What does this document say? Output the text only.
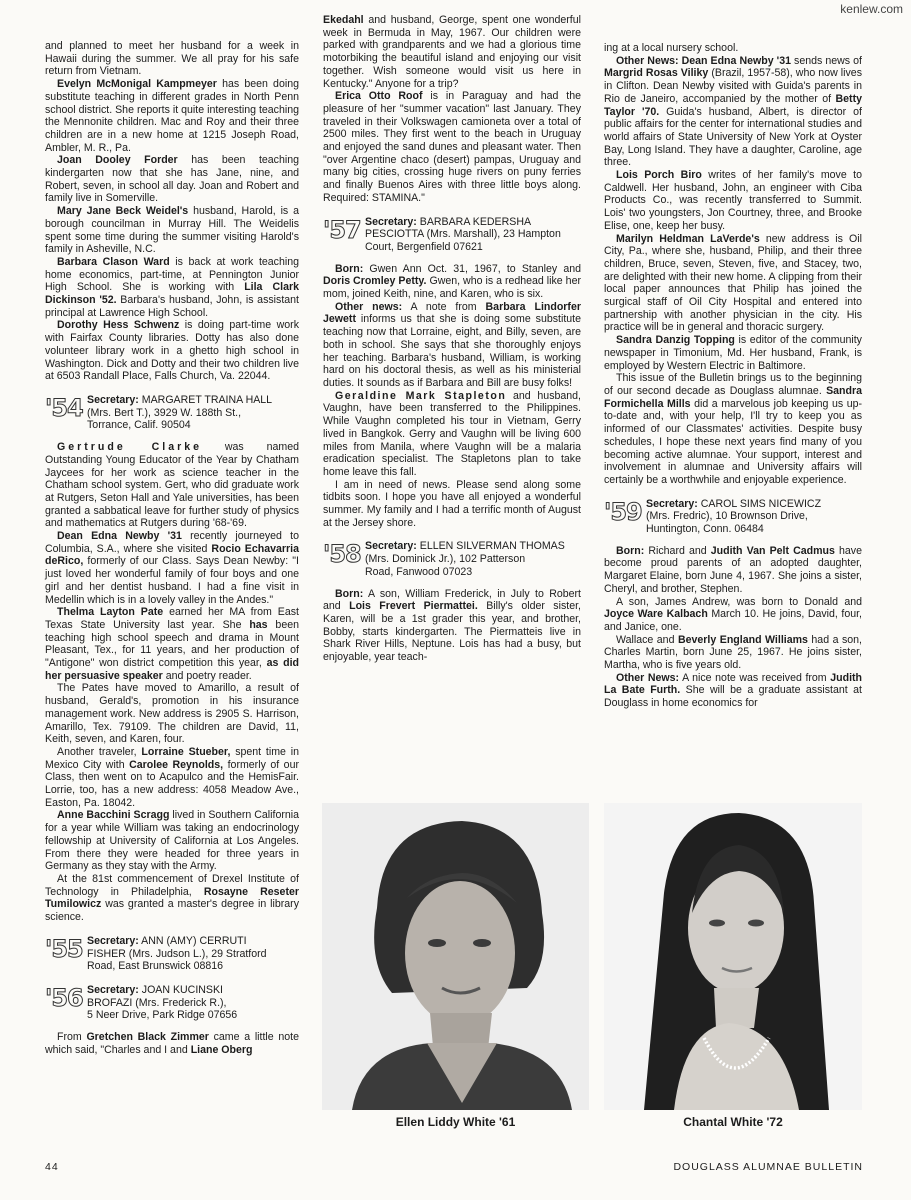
kenlew.com

and planned to meet her husband for a week in Hawaii during the summer. We all pray for his safe return from Vietnam.

Evelyn McMonigal Kampmeyer has been doing substitute teaching in different grades in North Penn school district. She reports it quite interesting teaching the Mennonite children. Mac and Roy and their three children are in a new home at 1215 Joseph Road, Ambler, M. R., Pa.

Joan Dooley Forder has been teaching kindergarten now that she has Jane, nine, and Robert, seven, in school all day. Joan and Robert and family live in Somerville.

Mary Jane Beck Weidel's husband, Harold, is a borough councilman in Murray Hill. The Weidelis spent some time during the summer visiting Harold's family in Asheville, N.C.

Barbara Clason Ward is back at work teaching home economics, part-time, at Pennington Junior High School. She is working with Lila Clark Dickinson '52. Barbara's husband, John, is assistant principal at Lawrence High School.

Dorothy Hess Schwenz is doing part-time work with Fairfax County libraries. Dotty has also done volunteer library work in a ghetto high school in Washington. Dick and Dotty and their two children live at 6503 Randall Place, Falls Church, Va. 22044.

'54 Secretary: MARGARET TRAINA HALL
(Mrs. Bert T.), 3929 W. 188th St.,
Torrance, Calif. 90504

Gertrude Clarke was named Outstanding Young Educator of the Year by Chatham Jaycees for her work as science teacher in the Chatham school system. Gert, who did graduate work at Rutgers, Seton Hall and Yale universities, has been granted a sabbatical leave for further study of physics and mathematics at Rutgers during '68-'69.

Dean Edna Newby '31 recently journeyed to Columbia, S.A., where she visited Rocio Echavarria deRico, formerly of our Class. Says Dean Newby: "I just loved her wonderful family of four boys and one girl and her dentist husband. I had a fine visit in Medellin which is in a lovely valley in the Andes."

Thelma Layton Pate earned her MA from East Texas State University last year. She has been teaching high school speech and drama in Mount Pleasant, Tex., for 11 years, and her production of "Antigone" won district competition this year, as did her persuasive speaker and poetry reader.

The Pates have moved to Amarillo, a result of husband, Gerald's, promotion in his insurance management work. New address is 2905 S. Harrison, Amarillo, Tex. 79109. The children are David, 11, Keith, seven, and Karen, four.

Another traveler, Lorraine Stueber, spent time in Mexico City with Carolee Reynolds, formerly of our Class, then went on to Acapulco and the HemisFair. Lorrie, too, has a new address: 4058 Meadow Ave., Easton, Pa. 18042.

Anne Bacchini Scragg lived in Southern California for a year while William was taking an endocrinology fellowship at University of California at Los Angeles. From there they were headed for three years in Germany as they stay with the Army.

At the 81st commencement of Drexel Institute of Technology in Philadelphia, Rosayne Reseter Tumilowicz was granted a master's degree in library science.

'55 Secretary: ANN (AMY) CERRUTI
FISHER (Mrs. Judson L.), 29 Stratford
Road, East Brunswick 08816
'56 Secretary: JOAN KUCINSKI
BROFAZI (Mrs. Frederick R.),
5 Neer Drive, Park Ridge 07656

From Gretchen Black Zimmer came a little note which said, "Charles and I and Liane Oberg

Ekedahl and husband, George, spent one wonderful week in Bermuda in May, 1967. Our children were parked with grandparents and we had a glorious time motorbiking the beautiful island and enjoying our visit together. Wish someone would visit us here in Kentucky." Anyone for a trip?

Erica Otto Roof is in Paraguay and had the pleasure of her "summer vacation" last January. They traveled in their Volkswagen camioneta over a total of 2500 miles. They first went to the beach in Uruguay and enjoyed the sand dunes and pleasant water. Then "over Argentine chaco (desert) pampas, Uruguay and many big cities, crossing huge rivers on puny ferries and finally Buenos Aires with three little boys along. Required: STAMINA."

'57 Secretary: BARBARA KEDERSHA
PESCIOTTA (Mrs. Marshall), 23 Hampton
Court, Bergenfield 07621

Born: Gwen Ann Oct. 31, 1967, to Stanley and Doris Cromley Petty. Gwen, who is a redhead like her mom, joined Keith, nine, and Karen, who is six.

Other news: A note from Barbara Lindorfer Jewett informs us that she is doing some substitute teaching now that Lorraine, eight, and Billy, seven, are both in school. She says that she thoroughly enjoys her teaching. Barbara's husband, William, is working hard on his doctoral thesis, as well as his ministerial duties. It sounds as if Barbara and Bill are busy folks!

Geraldine Mark Stapleton and husband, Vaughn, have been transferred to the Philippines. While Vaughn completed his tour in Vietnam, Gerry lived in Bangkok. Gerry and Vaughn will be living 600 miles from Manila, where Vaughn will be a malaria eradication specialist. The Stapletons plan to take home leave this fall.

I am in need of news. Please send along some tidbits soon. I hope you have all enjoyed a wonderful summer. My family and I had a terrific month of August at the Jersey shore.

'58 Secretary: ELLEN SILVERMAN THOMAS
(Mrs. Dominick Jr.), 102 Patterson
Road, Fanwood 07023

Born: A son, William Frederick, in July to Robert and Lois Frevert Piermattei. Billy's older sister, Karen, will be a 1st grader this year, and brother, Bobby, starts kindergarten. The Piermatteis live in Shark River Hills, Neptune. Lois has had a busy, but enjoyable, year teach-

ing at a local nursery school.

Other News: Dean Edna Newby '31 sends news of Margrid Rosas Viliky (Brazil, 1957-58), who now lives in Clifton. Dean Newby visited with Guida's parents in Rio de Janeiro, accompanied by the mother of Betty Taylor '70. Guida's husband, Albert, is director of public affairs for the center for international studies and world affairs of State University of New York at Oyster Bay, Long Island. They have a daughter, Caroline, age three.

Lois Porch Biro writes of her family's move to Caldwell. Her husband, John, an engineer with Ciba Products Co., was recently transferred to Summit. Lois' two youngsters, Jon Courtney, three, and Brooke Elise, one, keep her busy.

Marilyn Heldman LaVerde's new address is Oil City, Pa., where she, husband, Philip, and their three children, Bruce, seven, Steven, five, and Stacey, two, are delighted with their new home. A clipping from their local paper announces that Philip has joined the surgical staff of Oil City Hospital and entered into partnership with another physician in the city. His practice will be in general and thoracic surgery.

Sandra Danzig Topping is editor of the community newspaper in Timonium, Md. Her husband, Frank, is employed by Western Electric in Baltimore.

This issue of the Bulletin brings us to the beginning of our second decade as Douglass alumnae. Sandra Formichella Mills did a marvelous job keeping us up-to-date and, with your help, I'll try to keep you as informed of our Classmates' activities. Despite busy schedules, I hope these next years find many of you becoming active alumnae. Your support, interest and involvement in alumnae and University affairs will certainly be a worthwhile and enjoyable experience.

'59 Secretary: CAROL SIMS NICEWICZ
(Mrs. Fredric), 10 Brownson Drive,
Huntington, Conn. 06484

Born: Richard and Judith Van Pelt Cadmus have become proud parents of an adopted daughter, Margaret Elaine, born June 4, 1967. She joins a sister, Cheryl, and brother, Stephen.

A son, James Andrew, was born to Donald and Joyce Ware Kalbach March 10. He joins, David, four, and Janice, one.

Wallace and Beverly England Williams had a son, Charles Martin, born June 25, 1967. He joins sister, Martha, who is five years old.

Other News: A nice note was received from Judith La Bate Furth. She will be a graduate assistant at Douglass in home economics for

Ellen Liddy White '61	Chantal White '72
44	DOUGLASS ALUMNAE BULLETIN
